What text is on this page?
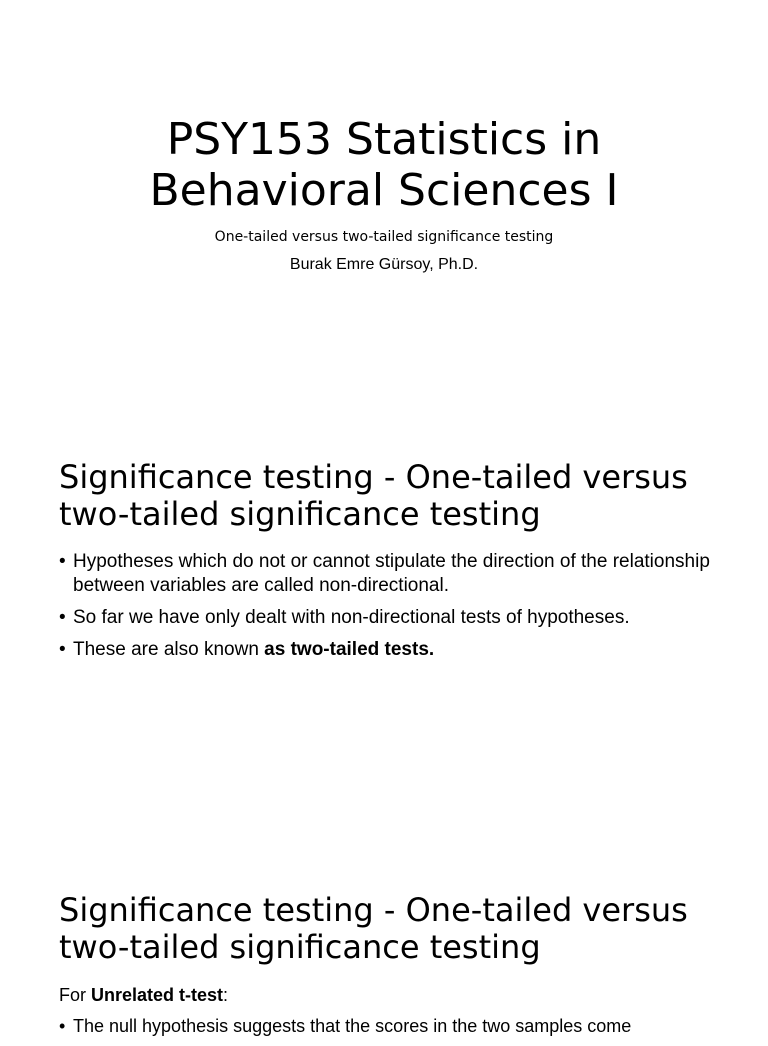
PSY153 Statistics in Behavioral Sciences I
One-tailed versus two-tailed significance testing
Burak Emre Gürsoy, Ph.D.
Significance testing - One-tailed versus two-tailed significance testing
• Hypotheses which do not or cannot stipulate the direction of the relationship between variables are called non-directional.
• So far we have only dealt with non-directional tests of hypotheses.
• These are also known as two-tailed tests.
Significance testing - One-tailed versus two-tailed significance testing
For Unrelated t-test:
• The null hypothesis suggests that the scores in the two samples come
